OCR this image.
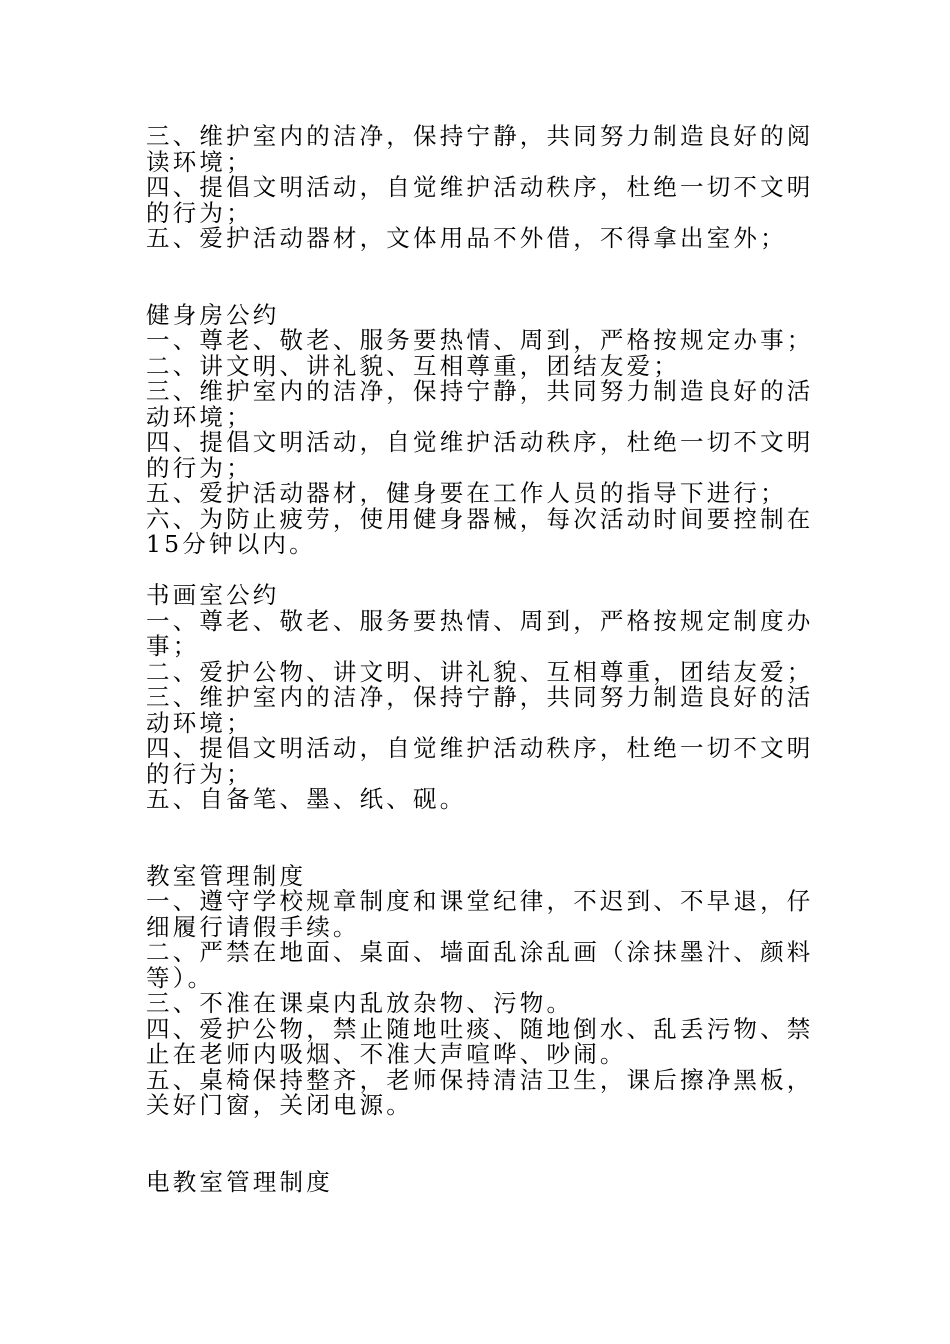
三、维护室内的洁净，保持宁静，共同努力制造良好的阅
读环境；
四、提倡文明活动，自觉维护活动秩序，杜绝一切不文明
的行为；
五、爱护活动器材，文体用品不外借，不得拿出室外；
健身房公约
一、尊老、敬老、服务要热情、周到，严格按规定办事；
二、讲文明、讲礼貌、互相尊重，团结友爱；
三、维护室内的洁净，保持宁静，共同努力制造良好的活
动环境；
四、提倡文明活动，自觉维护活动秩序，杜绝一切不文明
的行为；
五、爱护活动器材，健身要在工作人员的指导下进行；
六、为防止疲劳，使用健身器械，每次活动时间要控制在
15分钟以内。
书画室公约
一、尊老、敬老、服务要热情、周到，严格按规定制度办
事；
二、爱护公物、讲文明、讲礼貌、互相尊重，团结友爱；
三、维护室内的洁净，保持宁静，共同努力制造良好的活
动环境；
四、提倡文明活动，自觉维护活动秩序，杜绝一切不文明
的行为；
五、自备笔、墨、纸、砚。
教室管理制度
一、遵守学校规章制度和课堂纪律，不迟到、不早退，仔
细履行请假手续。
二、严禁在地面、桌面、墙面乱涂乱画（涂抹墨汁、颜料
等）。
三、不准在课桌内乱放杂物、污物。
四、爱护公物，禁止随地吐痰、随地倒水、乱丢污物、禁
止在老师内吸烟、不准大声喧哗、吵闹。
五、桌椅保持整齐，老师保持清洁卫生，课后擦净黑板，
关好门窗，关闭电源。
电教室管理制度
